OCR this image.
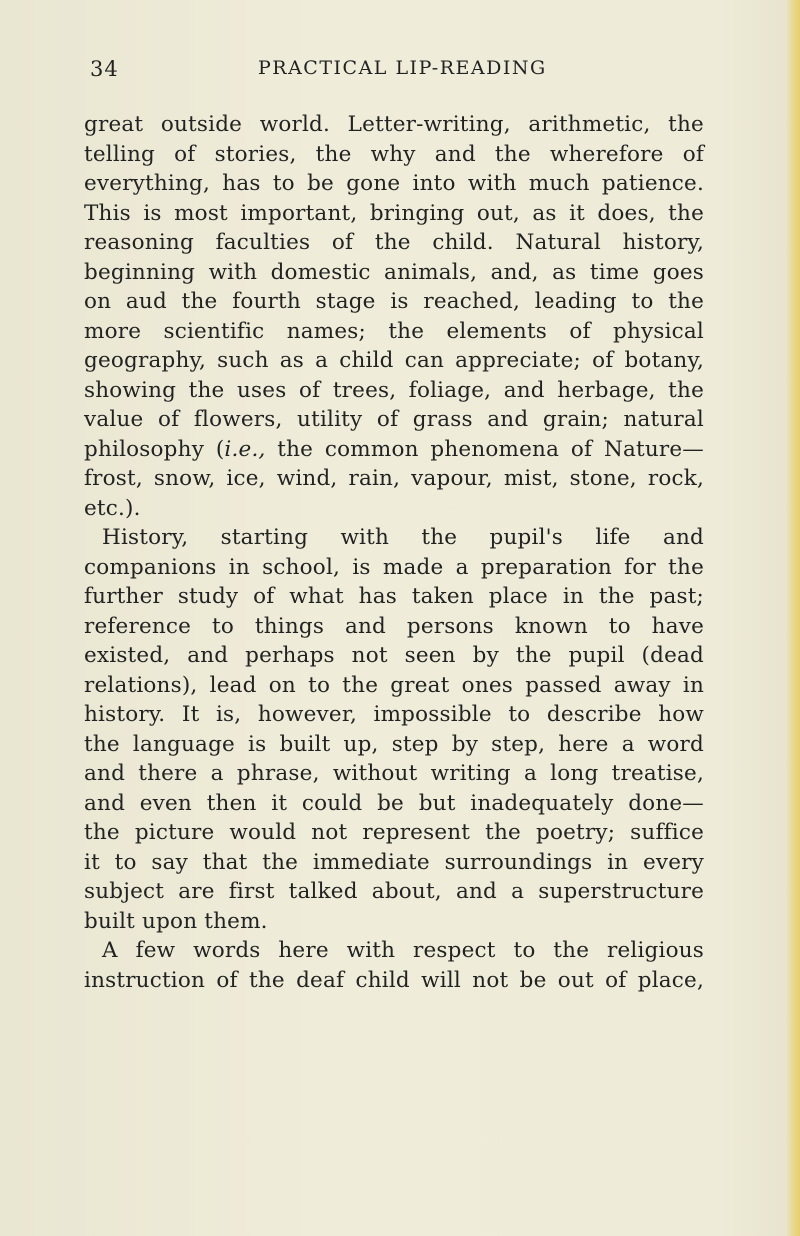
34	PRACTICAL LIP-READING
great outside world. Letter-writing, arithmetic, the
telling of stories, the why and the wherefore of
everything, has to be gone into with much patience.
This is most important, bringing out, as it does, the
reasoning faculties of the child. Natural history,
beginning with domestic animals, and, as time goes
on aud the fourth stage is reached, leading to the
more scientific names; the elements of physical
geography, such as a child can appreciate; of botany,
showing the uses of trees, foliage, and herbage, the
value of flowers, utility of grass and grain; natural
philosophy (i.e., the common phenomena of Nature—
frost, snow, ice, wind, rain, vapour, mist, stone, rock,
etc.).
History, starting with the pupil's life and
companions in school, is made a preparation for the
further study of what has taken place in the past;
reference to things and persons known to have
existed, and perhaps not seen by the pupil (dead
relations), lead on to the great ones passed away in
history. It is, however, impossible to describe how
the language is built up, step by step, here a word
and there a phrase, without writing a long treatise,
and even then it could be but inadequately done—
the picture would not represent the poetry; suffice
it to say that the immediate surroundings in every
subject are first talked about, and a superstructure
built upon them.
A few words here with respect to the religious
instruction of the deaf child will not be out of place,
